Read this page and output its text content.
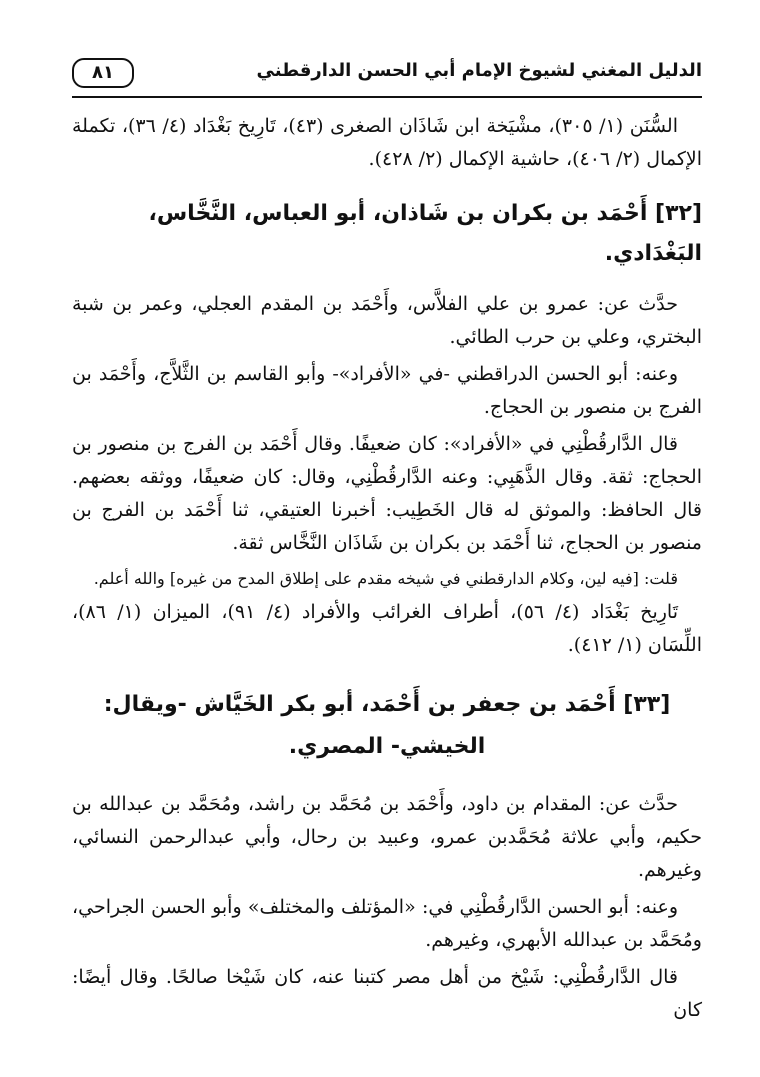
الدليل المغني لشيوخ الإمام أبي الحسن الدارقطني
٨١

السُّنَن (١/ ٣٠٥)، مشْيَخة ابن شَاذَان الصغرى (٤٣)، تَارِيخ بَغْدَاد (٤/ ٣٦)، تكملة الإكمال (٢/ ٤٠٦)، حاشية الإكمال (٢/ ٤٢٨).

[٣٢] أَحْمَد بن بكران بن شَاذان، أبو العباس، النَّخَّاس، البَغْدَادي.

حدَّث عن: عمرو بن علي الفلاَّس، وأَحْمَد بن المقدم العجلي، وعمر بن شبة البختري، وعلي بن حرب الطائي.

وعنه: أبو الحسن الدراقطني -في «الأفراد»- وأبو القاسم بن الثَّلاَّج، وأَحْمَد بن الفرج بن منصور بن الحجاج.

قال الدَّارقُطْنِي في «الأفراد»: كان ضعيفًا. وقال أَحْمَد بن الفرج بن منصور بن الحجاج: ثقة. وقال الذَّهَبِي: وعنه الدَّارقُطْنِي، وقال: كان ضعيفًا، ووثقه بعضهم. قال الحافظ: والموثق له قال الخَطِيب: أخبرنا العتيقي، ثنا أَحْمَد بن الفرج بن منصور بن الحجاج، ثنا أَحْمَد بن بكران بن شَاذَان النَّخَّاس ثقة.

قلت: [فيه لين، وكلام الدارقطني في شيخه مقدم على إطلاق المدح من غيره] والله أعلم.

تَارِيخ بَغْدَاد (٤/ ٥٦)، أطراف الغرائب والأفراد (٤/ ٩١)، الميزان (١/ ٨٦)، اللِّسَان (١/ ٤١٢).

[٣٣] أَحْمَد بن جعفر بن أَحْمَد، أبو بكر الخَيَّاش -ويقال:
الخيشي- المصري.

حدَّث عن: المقدام بن داود، وأَحْمَد بن مُحَمَّد بن راشد، ومُحَمَّد بن عبدالله بن حكيم، وأبي علاثة مُحَمَّدبن عمرو، وعبيد بن رحال، وأبي عبدالرحمن النسائي، وغيرهم.

وعنه: أبو الحسن الدَّارقُطْنِي في: «المؤتلف والمختلف» وأبو الحسن الجراحي، ومُحَمَّد بن عبدالله الأبهري، وغيرهم.

قال الدَّارقُطْنِي: شَيْخ من أهل مصر كتبنا عنه، كان شَيْخا صالحًا. وقال أيضًا: كان
